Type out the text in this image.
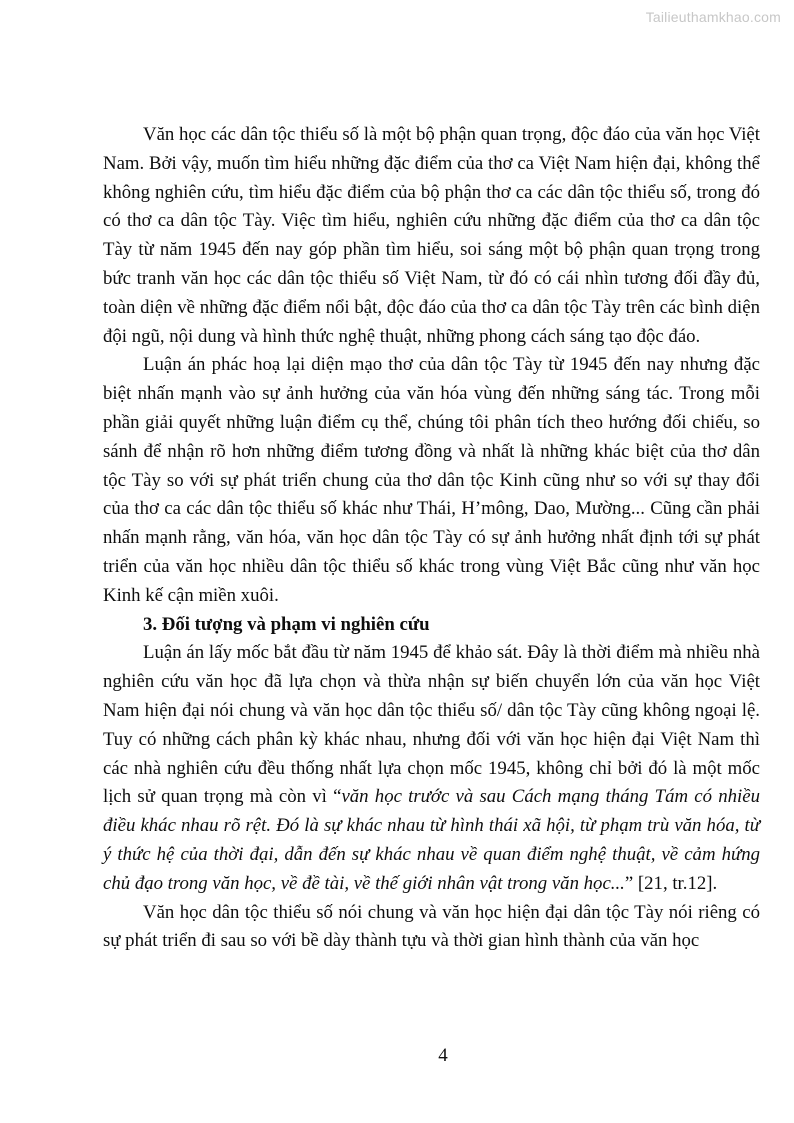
Tailieuthamkhao.com

Văn học các dân tộc thiểu số là một bộ phận quan trọng, độc đáo của văn học Việt Nam. Bởi vậy, muốn tìm hiểu những đặc điểm của thơ ca Việt Nam hiện đại, không thể không nghiên cứu, tìm hiểu đặc điểm của bộ phận thơ ca các dân tộc thiểu số, trong đó có thơ ca dân tộc Tày. Việc tìm hiểu, nghiên cứu những đặc điểm của thơ ca dân tộc Tày từ năm 1945 đến nay góp phần tìm hiểu, soi sáng một bộ phận quan trọng trong bức tranh văn học các dân tộc thiểu số Việt Nam, từ đó có cái nhìn tương đối đầy đủ, toàn diện về những đặc điểm nổi bật, độc đáo của thơ ca dân tộc Tày trên các bình diện đội ngũ, nội dung và hình thức nghệ thuật, những phong cách sáng tạo độc đáo.

Luận án phác hoạ lại diện mạo thơ của dân tộc Tày từ 1945 đến nay nhưng đặc biệt nhấn mạnh vào sự ảnh hưởng của văn hóa vùng đến những sáng tác. Trong mỗi phần giải quyết những luận điểm cụ thể, chúng tôi phân tích theo hướng đối chiếu, so sánh để nhận rõ hơn những điểm tương đồng và nhất là những khác biệt của thơ dân tộc Tày so với sự phát triển chung của thơ dân tộc Kinh cũng như so với sự thay đổi của thơ ca các dân tộc thiểu số khác như Thái, H’mông, Dao, Mường... Cũng cần phải nhấn mạnh rằng, văn hóa, văn học dân tộc Tày có sự ảnh hưởng nhất định tới sự phát triển của văn học nhiều dân tộc thiểu số khác trong vùng Việt Bắc cũng như văn học Kinh kế cận miền xuôi.

3. Đối tượng và phạm vi nghiên cứu

Luận án lấy mốc bắt đầu từ năm 1945 để khảo sát. Đây là thời điểm mà nhiều nhà nghiên cứu văn học đã lựa chọn và thừa nhận sự biến chuyển lớn của văn học Việt Nam hiện đại nói chung và văn học dân tộc thiểu số/ dân tộc Tày cũng không ngoại lệ. Tuy có những cách phân kỳ khác nhau, nhưng đối với văn học hiện đại Việt Nam thì các nhà nghiên cứu đều thống nhất lựa chọn mốc 1945, không chỉ bởi đó là một mốc lịch sử quan trọng mà còn vì “văn học trước và sau Cách mạng tháng Tám có nhiều điều khác nhau rõ rệt. Đó là sự khác nhau từ hình thái xã hội, từ phạm trù văn hóa, từ ý thức hệ của thời đại, dẫn đến sự khác nhau về quan điểm nghệ thuật, về cảm hứng chủ đạo trong văn học, về đề tài, về thế giới nhân vật trong văn học...” [21, tr.12].

Văn học dân tộc thiểu số nói chung và văn học hiện đại dân tộc Tày nói riêng có sự phát triển đi sau so với bề dày thành tựu và thời gian hình thành của văn học

4
